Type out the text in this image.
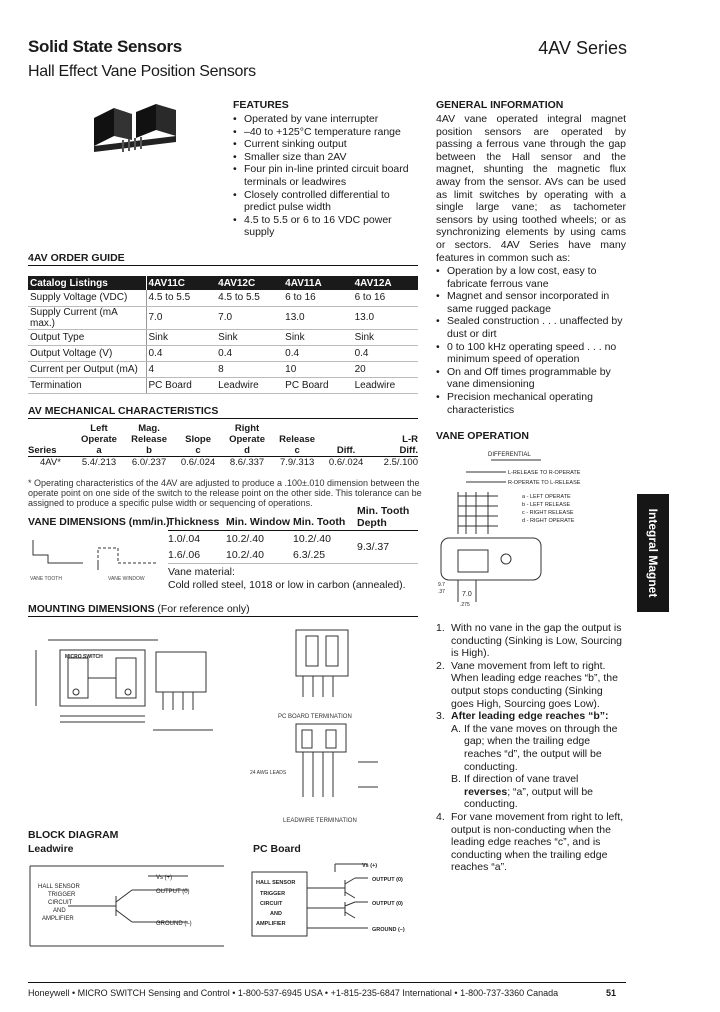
Solid State Sensors
Hall Effect Vane Position Sensors
4AV Series
FEATURES
• Operated by vane interrupter
• –40 to +125°C temperature range
• Current sinking output
• Smaller size than 2AV
• Four pin in-line printed circuit board terminals or leadwires
• Closely controlled differential to predict pulse width
• 4.5 to 5.5 or 6 to 16 VDC power supply
GENERAL INFORMATION
4AV vane operated integral magnet position sensors are operated by passing a ferrous vane through the gap between the Hall sensor and the magnet, shunting the magnetic flux away from the sensor. AVs can be used as limit switches by operating with a single large vane; as tachometer sensors by using toothed wheels; or as synchronizing elements by using cams or sectors. 4AV Series have many features in common such as:
• Operation by a low cost, easy to fabricate ferrous vane
• Magnet and sensor incorporated in same rugged package
• Sealed construction . . . unaffected by dust or dirt
• 0 to 100 kHz operating speed . . . no minimum speed of operation
• On and Off times programmable by vane dimensioning
• Precision mechanical operating characteristics
4AV ORDER GUIDE
Catalog Listings	4AV11C	4AV12C	4AV11A	4AV12A
Supply Voltage (VDC)	4.5 to 5.5	4.5 to 5.5	6 to 16	6 to 16
Supply Current (mA max.)	7.0	7.0	13.0	13.0
Output Type	Sink	Sink	Sink	Sink
Output Voltage (V)	0.4	0.4	0.4	0.4
Current per Output (mA)	4	8	10	20
Termination	PC Board	Leadwire	PC Board	Leadwire
AV MECHANICAL CHARACTERISTICS
	Left	Mag.		Right			
	Operate	Release	Slope	Operate	Release		L-R
Series	a	b	c	d	c	Diff.	Diff.
4AV*	5.4/.213	6.0/.237	0.6/.024	8.6/.337	7.9/.313	0.6/.024	2.5/.100
* Operating characteristics of the 4AV are adjusted to produce a .100±.010 dimension between the operate point on one side of the switch to the release point on the other side. This tolerance can be assigned to produce a specific pulse width or sequencing of operations.
VANE DIMENSIONS (mm/in.)
Thickness Min. Window Min. Tooth
Min. Tooth Depth
1.0/.04 10.2/.40	10.2/.40
1.6/.06 10.2/.40	6.3/.25
9.3/.37
Vane material:
Cold rolled steel, 1018 or low in carbon (annealed).
VANE TOOTH	VANE WINDOW
MOUNTING DIMENSIONS (For reference only)
MICRO SWITCH
PC BOARD TERMINATION
LEADWIRE TERMINATION
24 AWG LEADS
BLOCK DIAGRAM
Leadwire	PC Board
HALL SENSOR
TRIGGER
CIRCUIT
AND
AMPLIFIER
Vs (+)
OUTPUT (0)
GROUND (–)
HALL SENSOR
TRIGGER
CIRCUIT
AND
AMPLIFIER
Vs (+)
OUTPUT (0)
OUTPUT (0)
GROUND (–)
VANE OPERATION
DIFFERENTIAL
L-RELEASE TO R-OPERATE
R-OPERATE TO L-RELEASE
a - LEFT OPERATE
b - LEFT RELEASE
c - RIGHT RELEASE
d - RIGHT OPERATE
7.0
.275
9.7
.37	Integral Magnet
1. With no vane in the gap the output is conducting (Sinking is Low, Sourcing is High).
2. Vane movement from left to right. When leading edge reaches “b”, the output stops conducting (Sinking goes High, Sourcing goes Low).
3. After leading edge reaches “b”:
A. If the vane moves on through the gap; when the trailing edge reaches “d”, the output will be conducting.
B. If direction of vane travel reverses; “a”, output will be conducting.
4. For vane movement from right to left, output is non-conducting when the leading edge reaches “c”, and is conducting when the trailing edge reaches “a”.
Honeywell • MICRO SWITCH Sensing and Control • 1-800-537-6945 USA • +1-815-235-6847 International • 1-800-737-3360 Canada	51
